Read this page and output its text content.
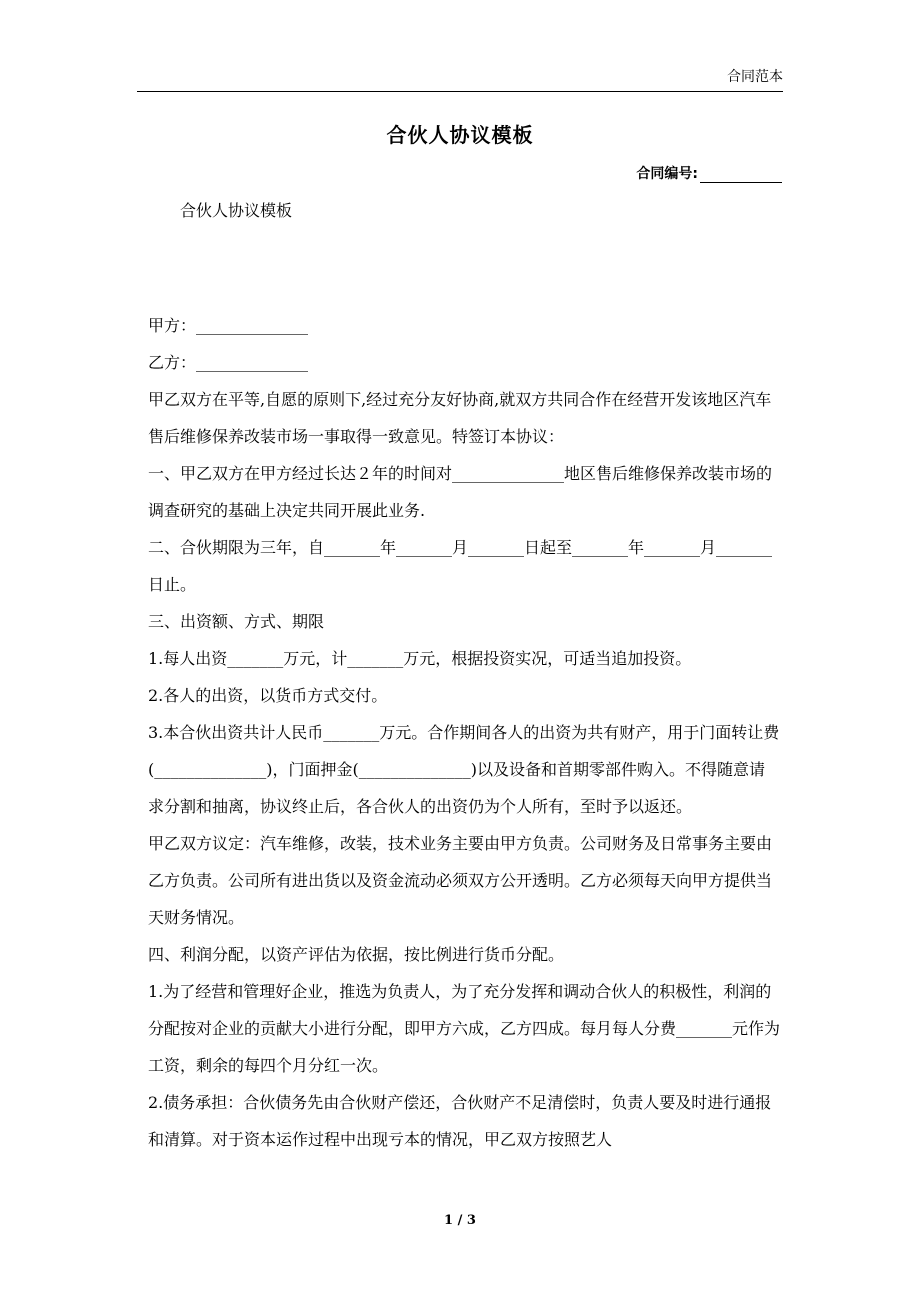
合同范本
合伙人协议模板
合同编号:
合伙人协议模板

甲方：______________

乙方：______________

甲乙双方在平等,自愿的原则下,经过充分友好协商,就双方共同合作在经营开发该地区汽车售后维修保养改装市场一事取得一致意见。特签订本协议：

一、甲乙双方在甲方经过长达２年的时间对______________地区售后维修保养改装市场的调查研究的基础上决定共同开展此业务.

二、合伙期限为三年，自_______年_______月_______日起至_______年_______月_______日止。

三、出资额、方式、期限

1.每人出资_______万元，计_______万元，根据投资实况，可适当追加投资。

2.各人的出资，以货币方式交付。

3.本合伙出资共计人民币_______万元。合作期间各人的出资为共有财产，用于门面转让费(______________)，门面押金(______________)以及设备和首期零部件购入。不得随意请求分割和抽离，协议终止后，各合伙人的出资仍为个人所有，至时予以返还。

甲乙双方议定：汽车维修，改装，技术业务主要由甲方负责。公司财务及日常事务主要由乙方负责。公司所有进出货以及资金流动必须双方公开透明。乙方必须每天向甲方提供当天财务情况。

四、利润分配，以资产评估为依据，按比例进行货币分配。

1.为了经营和管理好企业，推选为负责人，为了充分发挥和调动合伙人的积极性，利润的分配按对企业的贡献大小进行分配，即甲方六成，乙方四成。每月每人分费_______元作为工资，剩余的每四个月分红一次。

2.债务承担：合伙债务先由合伙财产偿还，合伙财产不足清偿时，负责人要及时进行通报和清算。对于资本运作过程中出现亏本的情况，甲乙双方按照艺人

1 / 3
